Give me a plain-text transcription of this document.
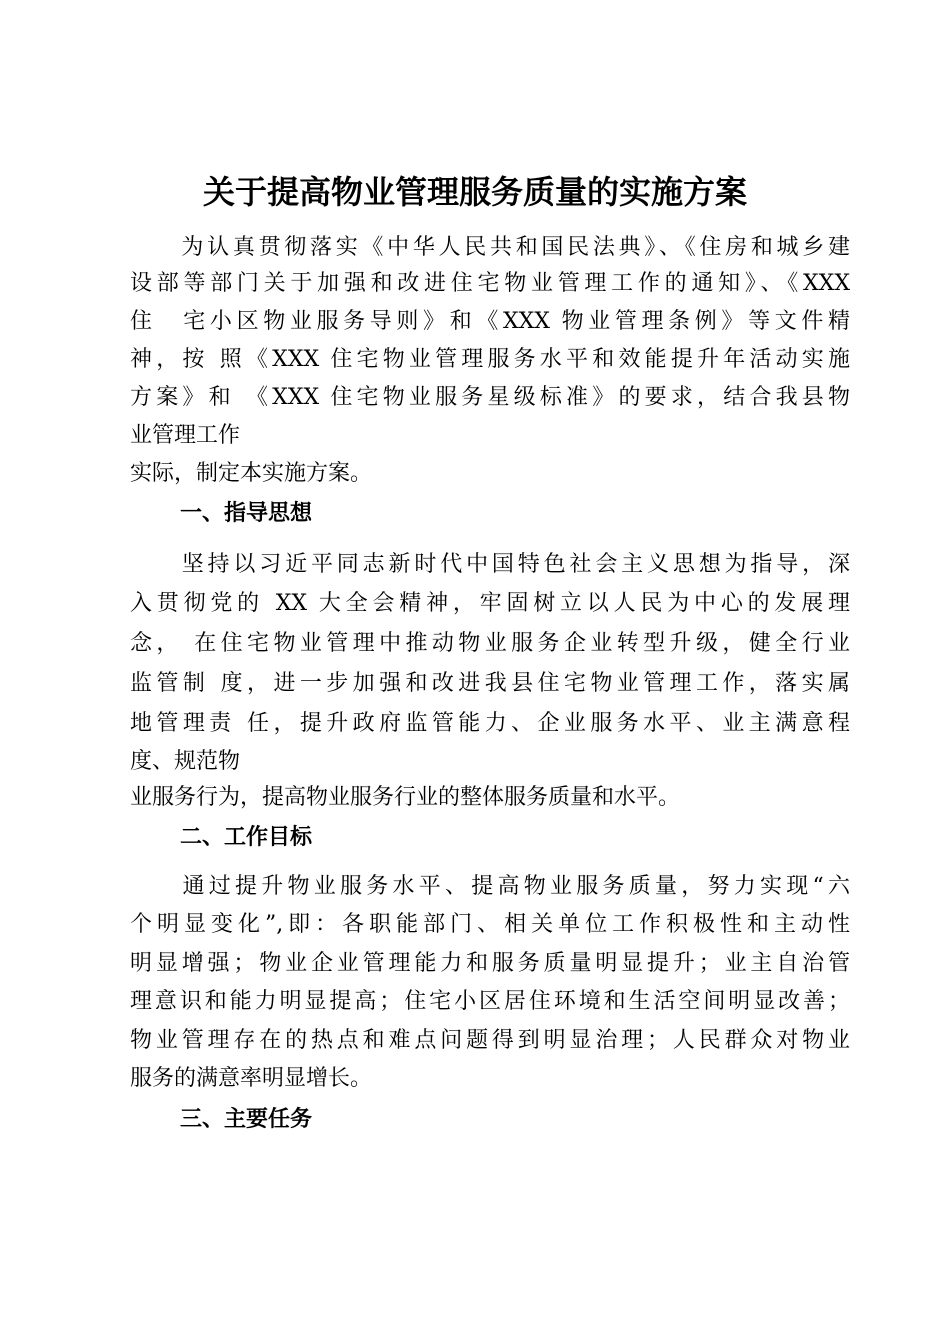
关于提高物业管理服务质量的实施方案
　　为认真贯彻落实《中华人民共和国民法典》、《住房和城乡建
设部等部门关于加强和改进住宅物业管理工作的通知》、《XXX
住　宅小区物业服务导则》和《XXX 物业管理条例》等文件精
神，按 照《XXX 住宅物业管理服务水平和效能提升年活动实施
方案》和 《XXX 住宅物业服务星级标准》的要求，结合我县物
业管理工作
实际，制定本实施方案。
一、指导思想
　　坚持以习近平同志新时代中国特色社会主义思想为指导，深
入贯彻党的 XX 大全会精神，牢固树立以人民为中心的发展理
念， 在住宅物业管理中推动物业服务企业转型升级，健全行业
监管制 度，进一步加强和改进我县住宅物业管理工作，落实属
地管理责 任，提升政府监管能力、企业服务水平、业主满意程
度、规范物
业服务行为，提高物业服务行业的整体服务质量和水平。
二、工作目标
　　通过提升物业服务水平、提高物业服务质量，努力实现“六
个明显变化”,即：各职能部门、相关单位工作积极性和主动性
明显增强；物业企业管理能力和服务质量明显提升；业主自治管
理意识和能力明显提高；住宅小区居住环境和生活空间明显改善；
物业管理存在的热点和难点问题得到明显治理；人民群众对物业
服务的满意率明显增长。
三、主要任务
